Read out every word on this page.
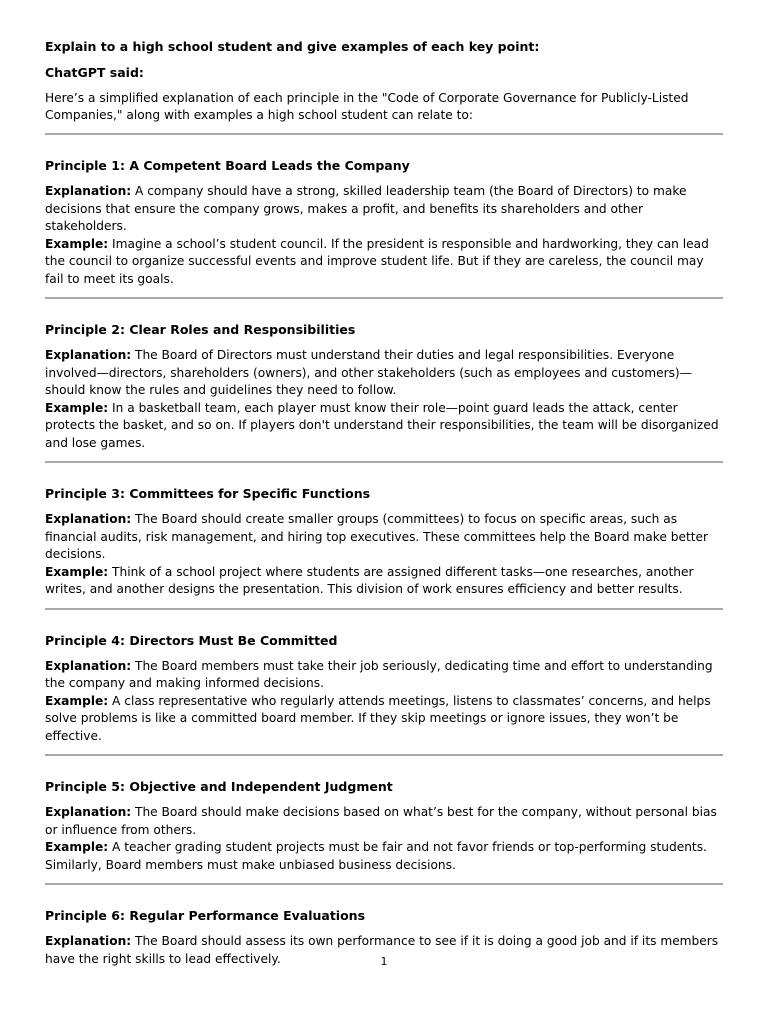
Explain to a high school student and give examples of each key point:

ChatGPT said:

Here’s a simplified explanation of each principle in the "Code of Corporate Governance for Publicly-Listed Companies," along with examples a high school student can relate to:

Principle 1: A Competent Board Leads the Company

Explanation: A company should have a strong, skilled leadership team (the Board of Directors) to make decisions that ensure the company grows, makes a profit, and benefits its shareholders and other stakeholders.

Example: Imagine a school’s student council. If the president is responsible and hardworking, they can lead the council to organize successful events and improve student life. But if they are careless, the council may fail to meet its goals.

Principle 2: Clear Roles and Responsibilities

Explanation: The Board of Directors must understand their duties and legal responsibilities. Everyone involved—directors, shareholders (owners), and other stakeholders (such as employees and customers)—should know the rules and guidelines they need to follow.

Example: In a basketball team, each player must know their role—point guard leads the attack, center protects the basket, and so on. If players don't understand their responsibilities, the team will be disorganized and lose games.

Principle 3: Committees for Specific Functions

Explanation: The Board should create smaller groups (committees) to focus on specific areas, such as financial audits, risk management, and hiring top executives. These committees help the Board make better decisions.

Example: Think of a school project where students are assigned different tasks—one researches, another writes, and another designs the presentation. This division of work ensures efficiency and better results.

Principle 4: Directors Must Be Committed

Explanation: The Board members must take their job seriously, dedicating time and effort to understanding the company and making informed decisions.

Example: A class representative who regularly attends meetings, listens to classmates’ concerns, and helps solve problems is like a committed board member. If they skip meetings or ignore issues, they won’t be effective.

Principle 5: Objective and Independent Judgment

Explanation: The Board should make decisions based on what’s best for the company, without personal bias or influence from others.

Example: A teacher grading student projects must be fair and not favor friends or top-performing students. Similarly, Board members must make unbiased business decisions.

Principle 6: Regular Performance Evaluations

Explanation: The Board should assess its own performance to see if it is doing a good job and if its members have the right skills to lead effectively.	1
